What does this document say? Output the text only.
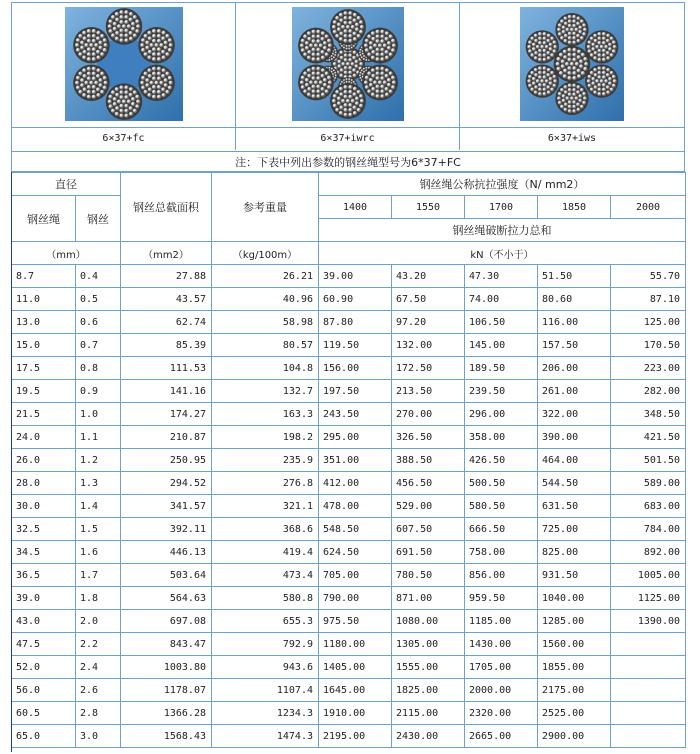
6×37+fc	6×37+iwrc	6×37+iws
注：下表中列出参数的钢丝绳型号为6*37+FC
直径		钢丝总截面积	参考重量	钢丝绳公称抗拉强度（N/ mm2）				
钢丝绳	钢丝			1400	1550	1700	1850	2000
				钢丝绳破断拉力总和				
（mm）		（mm2）	（kg/100m）	kN（不小于）				
8.7	0.4	27.88	26.21	39.00	43.20	47.30	51.50	55.70
11.0	0.5	43.57	40.96	60.90	67.50	74.00	80.60	87.10
13.0	0.6	62.74	58.98	87.80	97.20	106.50	116.00	125.00
15.0	0.7	85.39	80.57	119.50	132.00	145.00	157.50	170.50
17.5	0.8	111.53	104.8	156.00	172.50	189.50	206.00	223.00
19.5	0.9	141.16	132.7	197.50	213.50	239.50	261.00	282.00
21.5	1.0	174.27	163.3	243.50	270.00	296.00	322.00	348.50
24.0	1.1	210.87	198.2	295.00	326.50	358.00	390.00	421.50
26.0	1.2	250.95	235.9	351.00	388.50	426.50	464.00	501.50
28.0	1.3	294.52	276.8	412.00	456.50	500.50	544.50	589.00
30.0	1.4	341.57	321.1	478.00	529.00	580.50	631.50	683.00
32.5	1.5	392.11	368.6	548.50	607.50	666.50	725.00	784.00
34.5	1.6	446.13	419.4	624.50	691.50	758.00	825.00	892.00
36.5	1.7	503.64	473.4	705.00	780.50	856.00	931.50	1005.00
39.0	1.8	564.63	580.8	790.00	871.00	959.50	1040.00	1125.00
43.0	2.0	697.08	655.3	975.50	1080.00	1185.00	1285.00	1390.00
47.5	2.2	843.47	792.9	1180.00	1305.00	1430.00	1560.00	
52.0	2.4	1003.80	943.6	1405.00	1555.00	1705.00	1855.00	
56.0	2.6	1178.07	1107.4	1645.00	1825.00	2000.00	2175.00	
60.5	2.8	1366.28	1234.3	1910.00	2115.00	2320.00	2525.00	
65.0	3.0	1568.43	1474.3	2195.00	2430.00	2665.00	2900.00	
